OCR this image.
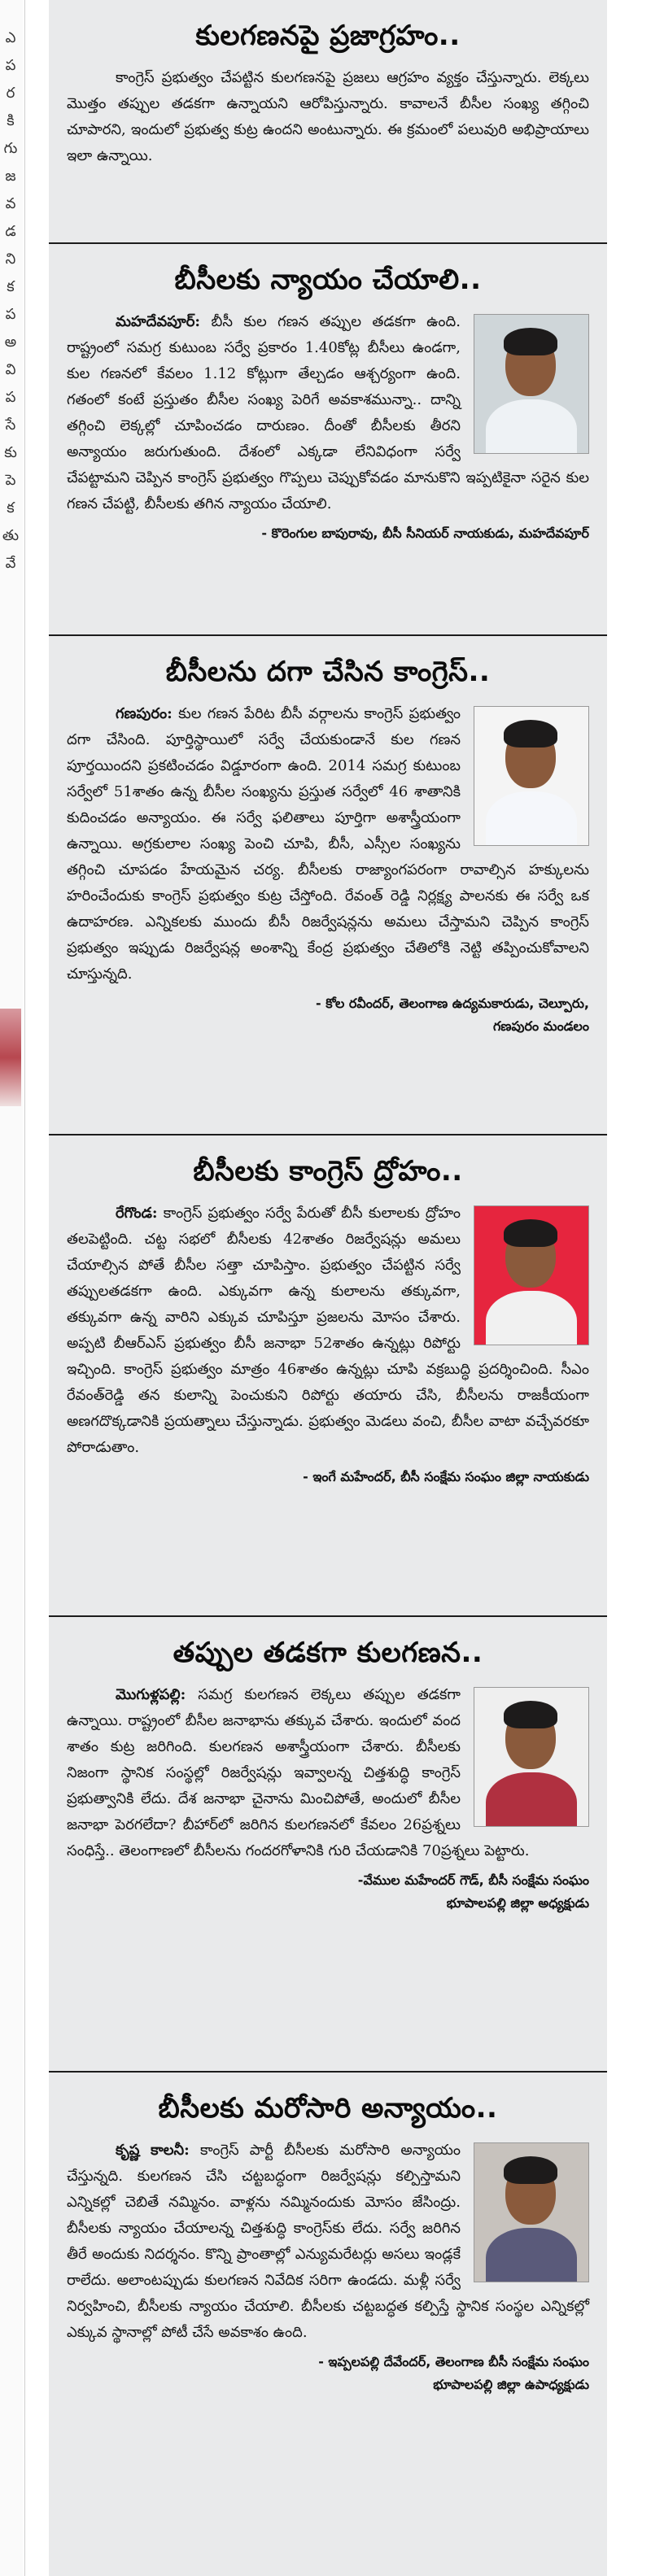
ఎ
ప
ర
కి
గు
జ
వ
డ
ని
క
ప
అ
వి
ప
సే
కు
పె
క
తు
వే
కులగణనపై ప్రజాగ్రహం..
కాంగ్రెస్ ప్రభుత్వం చేపట్టిన కులగణనపై ప్రజలు ఆగ్రహం వ్యక్తం చేస్తున్నారు. లెక్కలు మొత్తం తప్పుల తడకగా ఉన్నాయని ఆరోపిస్తున్నారు. కావాలనే బీసీల సంఖ్య తగ్గించి చూపారని, ఇందులో ప్రభుత్వ కుట్ర ఉందని అంటున్నారు. ఈ క్రమంలో పలువురి అభిప్రాయాలు ఇలా ఉన్నాయి.
బీసీలకు న్యాయం చేయాలి..
మహదేవపూర్: బీసీ కుల గణన తప్పుల తడకగా ఉంది. రాష్ట్రంలో సమగ్ర కుటుంబ సర్వే ప్రకారం 1.40కోట్ల బీసీలు ఉండగా, కుల గణనలో కేవలం 1.12 కోట్లుగా తేల్చడం ఆశ్చర్యంగా ఉంది. గతంలో కంటే ప్రస్తుతం బీసీల సంఖ్య పెరిగే అవకాశమున్నా.. దాన్ని తగ్గించి లెక్కల్లో చూపించడం దారుణం. దీంతో బీసీలకు తీరని అన్యాయం జరుగుతుంది. దేశంలో ఎక్కడా లేనివిధంగా సర్వే చేపట్టామని చెప్పిన కాంగ్రెస్ ప్రభుత్వం గొప్పలు చెప్పుకోవడం మానుకొని ఇప్పటికైనా సరైన కుల గణన చేపట్టి, బీసీలకు తగిన న్యాయం చేయాలి.
- కొరెంగుల బాపురావు, బీసీ సీనియర్ నాయకుడు, మహదేవపూర్
బీసీలను దగా చేసిన కాంగ్రెస్..
గణపురం: కుల గణన పేరిట బీసీ వర్గాలను కాంగ్రెస్ ప్రభుత్వం దగా చేసింది. పూర్తిస్థాయిలో సర్వే చేయకుండానే కుల గణన పూర్తయిందని ప్రకటించడం విడ్డూరంగా ఉంది. 2014 సమగ్ర కుటుంబ సర్వేలో 51శాతం ఉన్న బీసీల సంఖ్యను ప్రస్తుత సర్వేలో 46 శాతానికి కుదించడం అన్యాయం. ఈ సర్వే ఫలితాలు పూర్తిగా అశాస్త్రీయంగా ఉన్నాయి. అగ్రకులాల సంఖ్య పెంచి చూపి, బీసీ, ఎస్సీల సంఖ్యను తగ్గించి చూపడం హేయమైన చర్య. బీసీలకు రాజ్యాంగపరంగా రావాల్సిన హక్కులను హరించేందుకు కాంగ్రెస్ ప్రభుత్వం కుట్ర చేస్తోంది. రేవంత్ రెడ్డి నిర్లక్ష్య పాలనకు ఈ సర్వే ఒక ఉదాహరణ. ఎన్నికలకు ముందు బీసీ రిజర్వేషన్లను అమలు చేస్తామని చెప్పిన కాంగ్రెస్ ప్రభుత్వం ఇప్పుడు రిజర్వేషన్ల అంశాన్ని కేంద్ర ప్రభుత్వం చేతిలోకి నెట్టి తప్పించుకోవాలని చూస్తున్నది.
- కోల రవీందర్, తెలంగాణ ఉద్యమకారుడు, చెల్పూరు,
గణపురం మండలం
బీసీలకు కాంగ్రెస్ ద్రోహం..
రేగొండ: కాంగ్రెస్ ప్రభుత్వం సర్వే పేరుతో బీసీ కులాలకు ద్రోహం తలపెట్టింది. చట్ట సభలో బీసీలకు 42శాతం రిజర్వేషన్లు అమలు చేయాల్సిన పోతే బీసీల సత్తా చూపిస్తాం. ప్రభుత్వం చేపట్టిన సర్వే తప్పులతడకగా ఉంది. ఎక్కువగా ఉన్న కులాలను తక్కువగా, తక్కువగా ఉన్న వారిని ఎక్కువ చూపిస్తూ ప్రజలను మోసం చేశారు. అప్పటి బీఆర్ఎస్ ప్రభుత్వం బీసీ జనాభా 52శాతం ఉన్నట్లు రిపోర్టు ఇచ్చింది. కాంగ్రెస్ ప్రభుత్వం మాత్రం 46శాతం ఉన్నట్లు చూపి వక్రబుద్ధి ప్రదర్శించింది. సీఎం రేవంత్‌రెడ్డి తన కులాన్ని పెంచుకుని రిపోర్టు తయారు చేసి, బీసీలను రాజకీయంగా అణగదొక్కడానికి ప్రయత్నాలు చేస్తున్నాడు. ప్రభుత్వం మెడలు వంచి, బీసీల వాటా వచ్చేవరకూ పోరాడుతాం.
- ఇంగే మహేందర్, బీసీ సంక్షేమ సంఘం జిల్లా నాయకుడు
తప్పుల తడకగా కులగణన..
మొగుళ్లపల్లి: సమగ్ర కులగణన లెక్కలు తప్పుల తడకగా ఉన్నాయి. రాష్ట్రంలో బీసీల జనాభాను తక్కువ చేశారు. ఇందులో వంద శాతం కుట్ర జరిగింది. కులగణన అశాస్త్రీయంగా చేశారు. బీసీలకు నిజంగా స్థానిక సంస్థల్లో రిజర్వేషన్లు ఇవ్వాలన్న చిత్తశుద్ధి కాంగ్రెస్ ప్రభుత్వానికి లేదు. దేశ జనాభా చైనాను మించిపోతే, అందులో బీసీల జనాభా పెరగలేదా? బీహార్‌లో జరిగిన కులగణనలో కేవలం 26ప్రశ్నలు సంధిస్తే.. తెలంగాణలో బీసీలను గందరగోళానికి గురి చేయడానికి 70ప్రశ్నలు పెట్టారు.
-వేముల మహేందర్ గౌడ్, బీసీ సంక్షేమ సంఘం
భూపాలపల్లి జిల్లా అధ్యక్షుడు
బీసీలకు మరోసారి అన్యాయం..
కృష్ణ కాలనీ: కాంగ్రెస్ పార్టీ బీసీలకు మరోసారి అన్యాయం చేస్తున్నది. కులగణన చేసి చట్టబద్ధంగా రిజర్వేషన్లు కల్పిస్తామని ఎన్నికల్లో చెబితే నమ్మినం. వాళ్లను నమ్మినందుకు మోసం జేసింద్రు. బీసీలకు న్యాయం చేయాలన్న చిత్తశుద్ధి కాంగ్రెస్‌కు లేదు. సర్వే జరిగిన తీరే అందుకు నిదర్శనం. కొన్ని ప్రాంతాల్లో ఎన్యుమరేటర్లు అసలు ఇండ్లకే రాలేదు. అలాంటప్పుడు కులగణన నివేదిక సరిగా ఉండదు. మళ్లీ సర్వే నిర్వహించి, బీసీలకు న్యాయం చేయాలి. బీసీలకు చట్టబద్ధత కల్పిస్తే స్థానిక సంస్థల ఎన్నికల్లో ఎక్కువ స్థానాల్లో పోటీ చేసే అవకాశం ఉంది.
- ఇప్పలపల్లి దేవేందర్, తెలంగాణ బీసీ సంక్షేమ సంఘం
భూపాలపల్లి జిల్లా ఉపాధ్యక్షుడు
